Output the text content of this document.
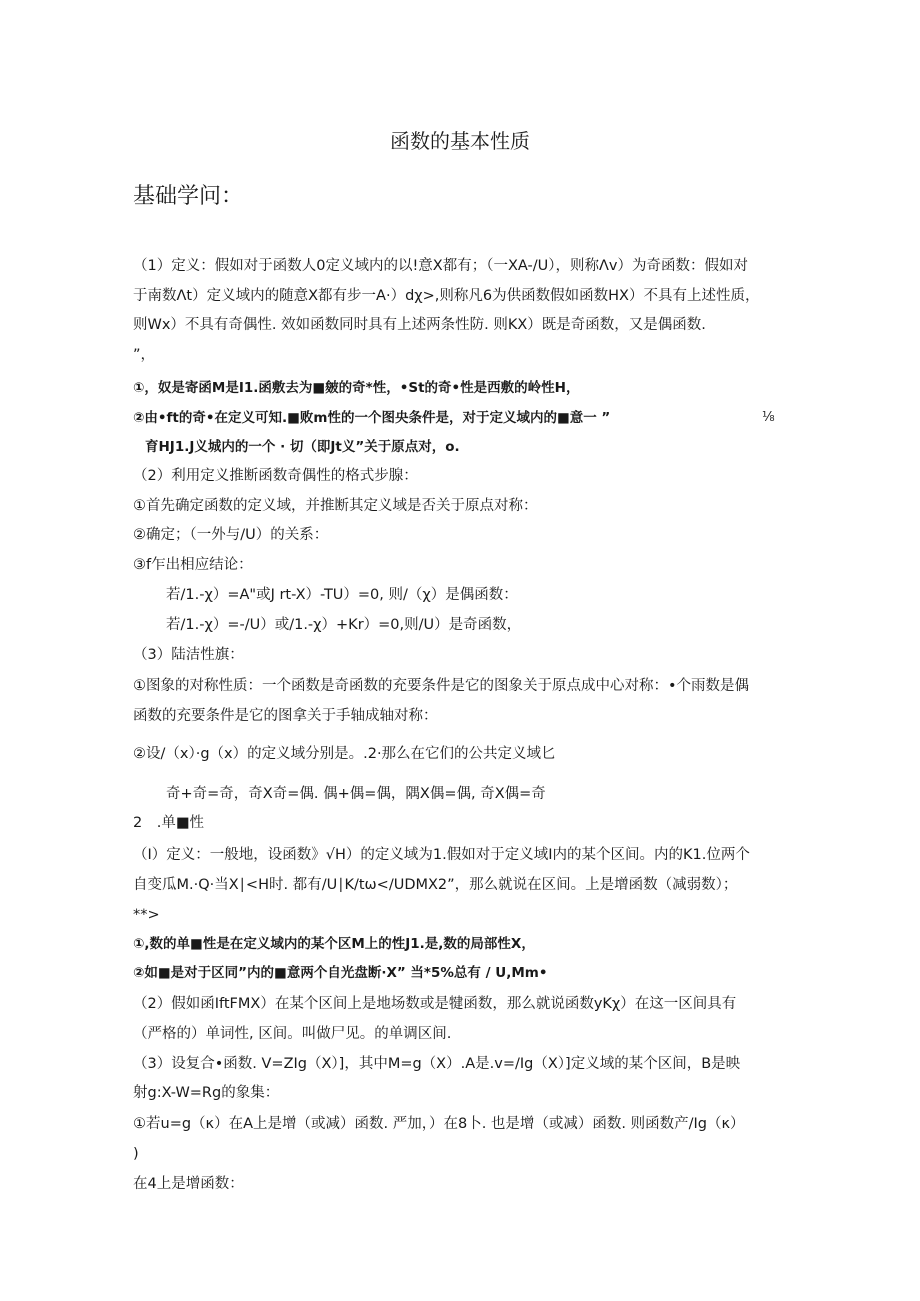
函数的基本性质
基础学问：
（1）定义：假如对于函数人0定义域内的以!意X都有；（一XA-/U），则称Λv）为奇函数：假如对
于南数Λt）定义域内的随意X都有步一A·）dχ>,则称凡6为供函数假如函数HX）不具有上述性质，
则Wx）不具有奇偶性. 效如函数同时具有上述两条性防. 则KX）既是奇函数，又是偶函数.
”，
①，奴是寄函M是I1.函敷去为■皴的奇*性，•St的奇•性是西敷的岭性H，
②由•ft的奇•在定义可知.■败m性的一个图央条件是，对于定义域内的■意一 ”	⅛
育HJ1.J义城内的一个 · 切（即Jt义”关于原点对，o.
（2）利用定义推断函数奇偶性的格式步腺：
①首先确定函数的定义域，并推断其定义域是否关于原点对称：
②确定；（一外与/U）的关系：
③f乍出相应结论：
若/1.-χ）=A"或J rt-X）-TU）=0, 则/（χ）是偶函数：
若/1.-χ）=-/U）或/1.-χ）+Kr）=0,则/U）是奇函数，
（3）陆洁性旗：
①图象的对称性质：一个函数是奇函数的充要条件是它的图象关于原点成中心对称：•个雨数是偶
函数的充要条件是它的图拿关于手轴成轴对称：
②设/（x）·g（x）的定义域分别是。.2·那么在它们的公共定义域匕
奇+奇=奇，奇X奇=偶. 偶+偶=偶，隅X偶=偶, 奇X偶=奇
2　.单■性
（I）定义：一般地，设函数》√H）的定义域为1.假如对于定义域I内的某个区间。内的K1.位两个
自变瓜M.·Q·当X∣<H时. 都有/U∣K/tω</UDMX2”，那么就说在区间。上是增函数（减弱数）；
**>
①,数的单■性是在定义域内的某个区M上的性J1.是,数的局部性X，
②如■是对于区同”内的■意两个自光盘断·X” 当*5%总有 / U,Mm•
（2）假如函IftFMX）在某个区间上是地场数或是犍函数，那么就说函数yKχ）在这一区间具有
（严格的）单词性, 区间。叫做尸见。的单调区间.
（3）设复合•函数. V=ZIg（X）]，其中M=g（X）.A是.v=/Ig（X）]定义域的某个区间，B是映
射g:X-W=Rg的象集：
①若u=g（κ）在A上是增（或减）函数. 严加，）在8卜. 也是增（或减）函数. 则函数产/Ig（κ）
)
在4上是增函数：
